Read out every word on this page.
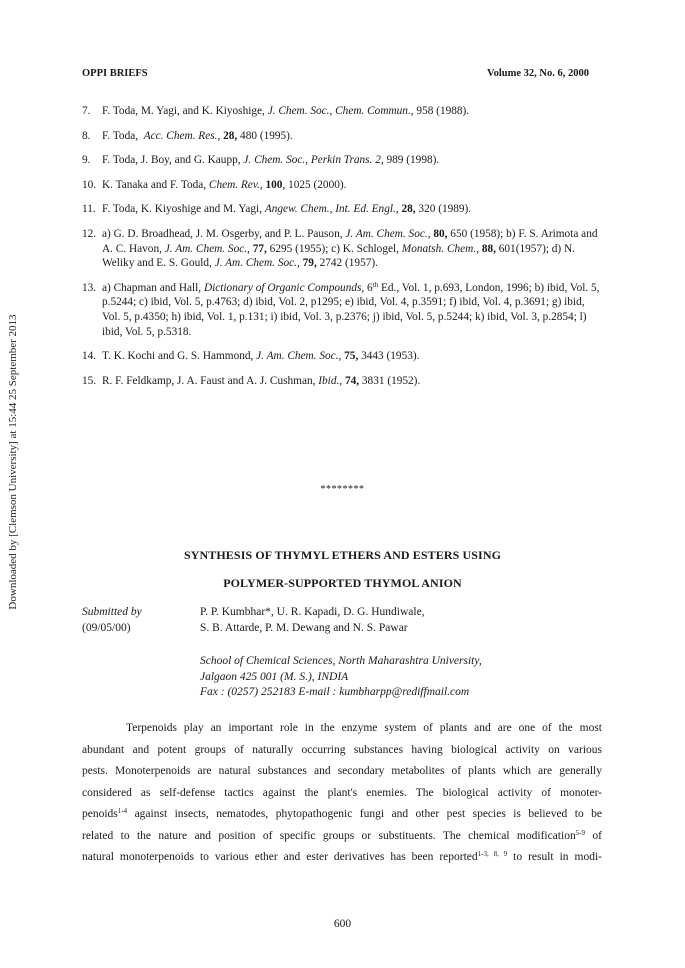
OPPI BRIEFS	Volume 32, No. 6, 2000
Downloaded by [Clemson University] at 15:44 25 September 2013
7.	F. Toda, M. Yagi, and K. Kiyoshige, J. Chem. Soc., Chem. Commun., 958 (1988).
8.	F. Toda,  Acc. Chem. Res., 28, 480 (1995).
9.	F. Toda, J. Boy, and G. Kaupp, J. Chem. Soc., Perkin Trans. 2, 989 (1998).
10. K. Tanaka and F. Toda, Chem. Rev., 100, 1025 (2000).
11. F. Toda, K. Kiyoshige and M. Yagi, Angew. Chem., Int. Ed. Engl., 28, 320 (1989).
12. a) G. D. Broadhead, J. M. Osgerby, and P. L. Pauson, J. Am. Chem. Soc., 80, 650 (1958); b) F. S. Arimota and A. C. Havon, J. Am. Chem. Soc., 77, 6295 (1955); c) K. Schlogel, Monatsh. Chem., 88, 601(1957); d) N. Weliky and E. S. Gould, J. Am. Chem. Soc., 79, 2742 (1957).
13. a) Chapman and Hall, Dictionary of Organic Compounds, 6th Ed., Vol. 1, p.693, London, 1996; b) ibid, Vol. 5, p.5244; c) ibid, Vol. 5, p.4763; d) ibid, Vol. 2, p1295; e) ibid, Vol. 4, p.3591; f) ibid, Vol. 4, p.3691; g) ibid, Vol. 5, p.4350; h) ibid, Vol. 1, p.131; i) ibid, Vol. 3, p.2376; j) ibid, Vol. 5, p.5244; k) ibid, Vol. 3, p.2854; l) ibid, Vol. 5, p.5318.
14. T. K. Kochi and G. S. Hammond, J. Am. Chem. Soc., 75, 3443 (1953).
15. R. F. Feldkamp, J. A. Faust and A. J. Cushman, Ibid., 74, 3831 (1952).
********
SYNTHESIS OF THYMYL ETHERS AND ESTERS USING
POLYMER-SUPPORTED THYMOL ANION
Submitted by
(09/05/00)
P. P. Kumbhar*, U. R. Kapadi, D. G. Hundiwale,
S. B. Attarde, P. M. Dewang and N. S. Pawar
School of Chemical Sciences, North Maharashtra University,
Jalgaon 425 001 (M. S.), INDIA
Fax : (0257) 252183 E-mail : kumbharpp@rediffmail.com
Terpenoids play an important role in the enzyme system of plants and are one of the most
abundant and potent groups of naturally occurring substances having biological activity on various
pests. Monoterpenoids are natural substances and secondary metabolites of plants which are generally
considered as self-defense tactics against the plant's enemies. The biological activity of monoter-
penoids$^{1-4}$ against insects, nematodes, phytopathogenic fungi and other pest species is believed to be
related to the nature and position of specific groups or substituents. The chemical modification$^{5-9}$ of
natural monoterpenoids to various ether and ester derivatives has been reported$^{1-3, 8, 9}$ to result in modi-
600
